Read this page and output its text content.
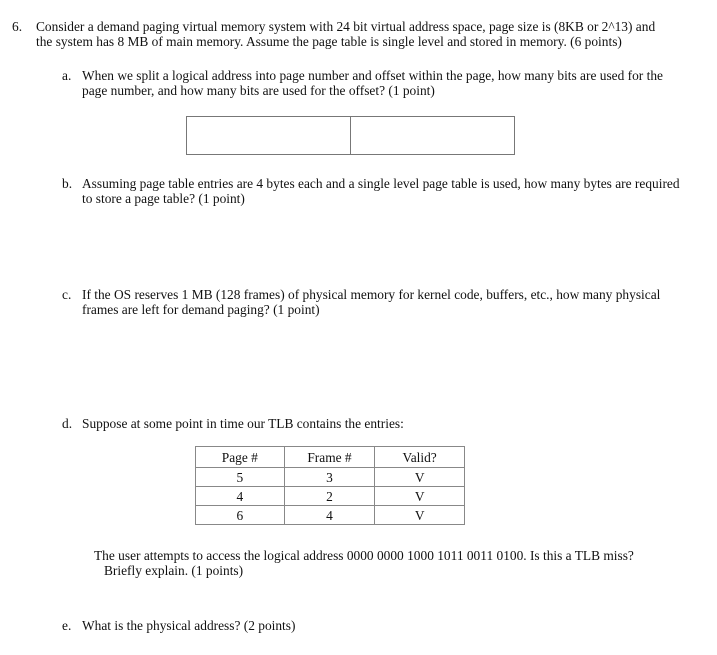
6. Consider a demand paging virtual memory system with 24 bit virtual address space, page size is (8KB or 2^13) and
the system has 8 MB of main memory. Assume the page table is single level and stored in memory. (6 points)
a. When we split a logical address into page number and offset within the page, how many bits are used for the
page number, and how many bits are used for the offset? (1 point)
b. Assuming page table entries are 4 bytes each and a single level page table is used, how many bytes are required
to store a page table? (1 point)
c. If the OS reserves 1 MB (128 frames) of physical memory for kernel code, buffers, etc., how many physical
frames are left for demand paging? (1 point)
d. Suppose at some point in time our TLB contains the entries:
Page #	Frame #	Valid?
5	3	V
4	2	V
6	4	V
The user attempts to access the logical address 0000 0000 1000 1011 0011 0100. Is this a TLB miss?
Briefly explain. (1 points)
e. What is the physical address? (2 points)
